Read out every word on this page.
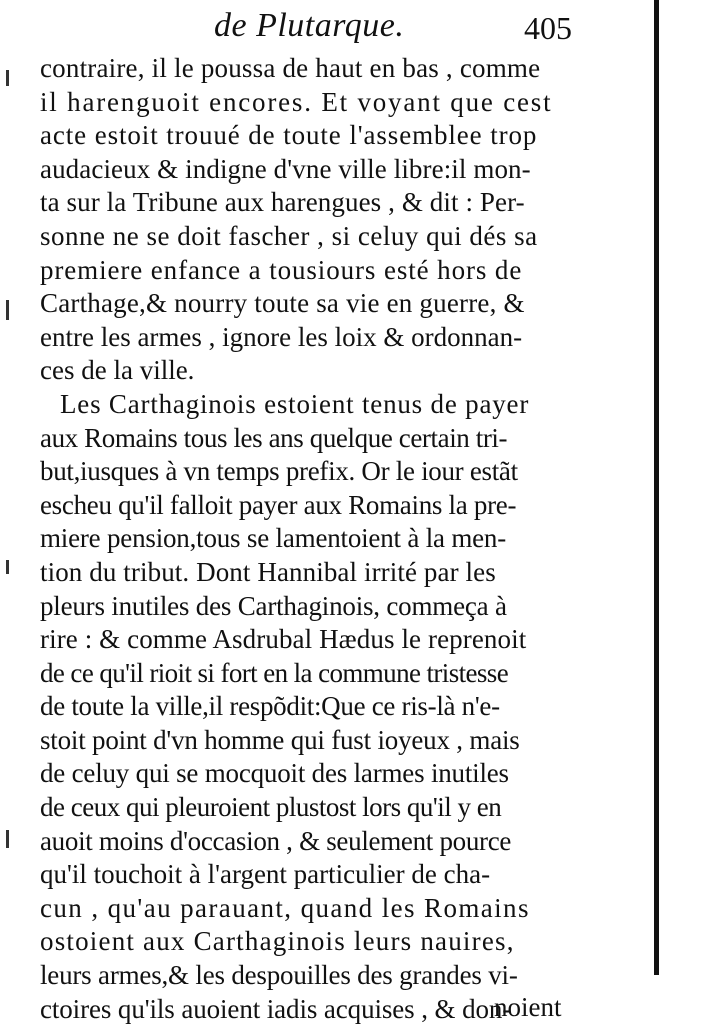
de Plutarque.	405
contraire, il le poussa de haut en bas , comme
il harenguoit encores. Et voyant que cest
acte estoit trouué de toute l'assemblee trop
audacieux & indigne d'vne ville libre:il mon-
ta sur la Tribune aux harengues , & dit : Per-
sonne ne se doit fascher , si celuy qui dés sa
premiere enfance a tousiours esté hors de
Carthage,& nourry toute sa vie en guerre, &
entre les armes , ignore les loix & ordonnan-
ces de la ville.
Les Carthaginois estoient tenus de payer
aux Romains tous les ans quelque certain tri-
but,iusques à vn temps prefix. Or le iour estãt
escheu qu'il falloit payer aux Romains la pre-
miere pension,tous se lamentoient à la men-
tion du tribut. Dont Hannibal irrité par les
pleurs inutiles des Carthaginois, commeça à
rire : & comme Asdrubal Hædus le reprenoit
de ce qu'il rioit si fort en la commune tristesse
de toute la ville,il respõdit:Que ce ris-là n'e-
stoit point d'vn homme qui fust ioyeux , mais
de celuy qui se mocquoit des larmes inutiles
de ceux qui pleuroient plustost lors qu'il y en
auoit moins d'occasion , & seulement pource
qu'il touchoit à l'argent particulier de cha-
cun , qu'au parauant, quand les Romains
ostoient aux Carthaginois leurs nauires,
leurs armes,& les despouilles des grandes vi-
ctoires qu'ils auoient iadis acquises , & don-
noient
